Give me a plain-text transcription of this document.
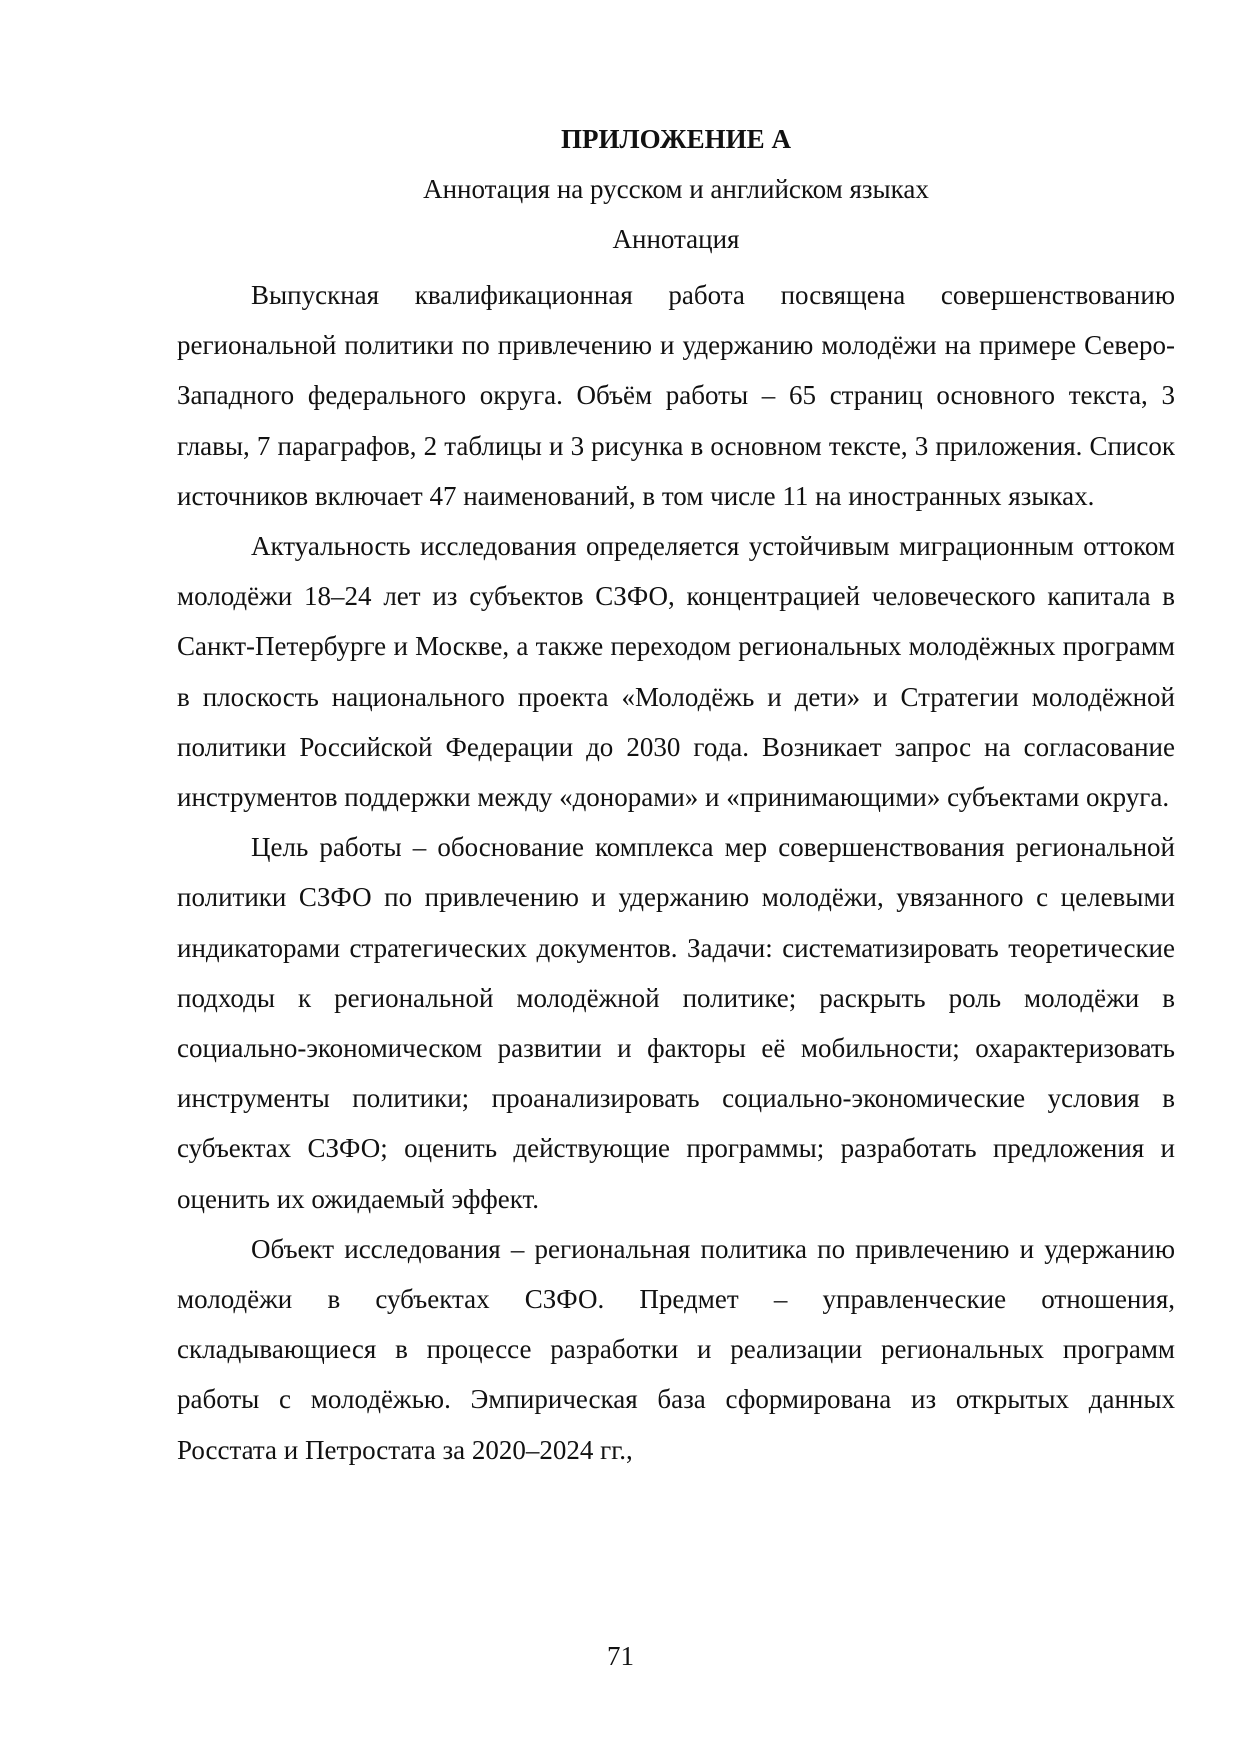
ПРИЛОЖЕНИЕ А

Аннотация на русском и английском языках

Аннотация

Выпускная квалификационная работа посвящена совершенствованию региональной политики по привлечению и удержанию молодёжи на примере Северо-Западного федерального округа. Объём работы – 65 страниц основного текста, 3 главы, 7 параграфов, 2 таблицы и 3 рисунка в основном тексте, 3 приложения. Список источников включает 47 наименований, в том числе 11 на иностранных языках.

Актуальность исследования определяется устойчивым миграционным оттоком молодёжи 18–24 лет из субъектов СЗФО, концентрацией человеческого капитала в Санкт-Петербурге и Москве, а также переходом региональных молодёжных программ в плоскость национального проекта «Молодёжь и дети» и Стратегии молодёжной политики Российской Федерации до 2030 года. Возникает запрос на согласование инструментов поддержки между «донорами» и «принимающими» субъектами округа.

Цель работы – обоснование комплекса мер совершенствования региональной политики СЗФО по привлечению и удержанию молодёжи, увязанного с целевыми индикаторами стратегических документов. Задачи: систематизировать теоретические подходы к региональной молодёжной политике; раскрыть роль молодёжи в социально-экономическом развитии и факторы её мобильности; охарактеризовать инструменты политики; проанализировать социально-экономические условия в субъектах СЗФО; оценить действующие программы; разработать предложения и оценить их ожидаемый эффект.

Объект исследования – региональная политика по привлечению и удержанию молодёжи в субъектах СЗФО. Предмет – управленческие отношения, складывающиеся в процессе разработки и реализации региональных программ работы с молодёжью. Эмпирическая база сформирована из открытых данных Росстата и Петростата за 2020–2024 гг.,

71
